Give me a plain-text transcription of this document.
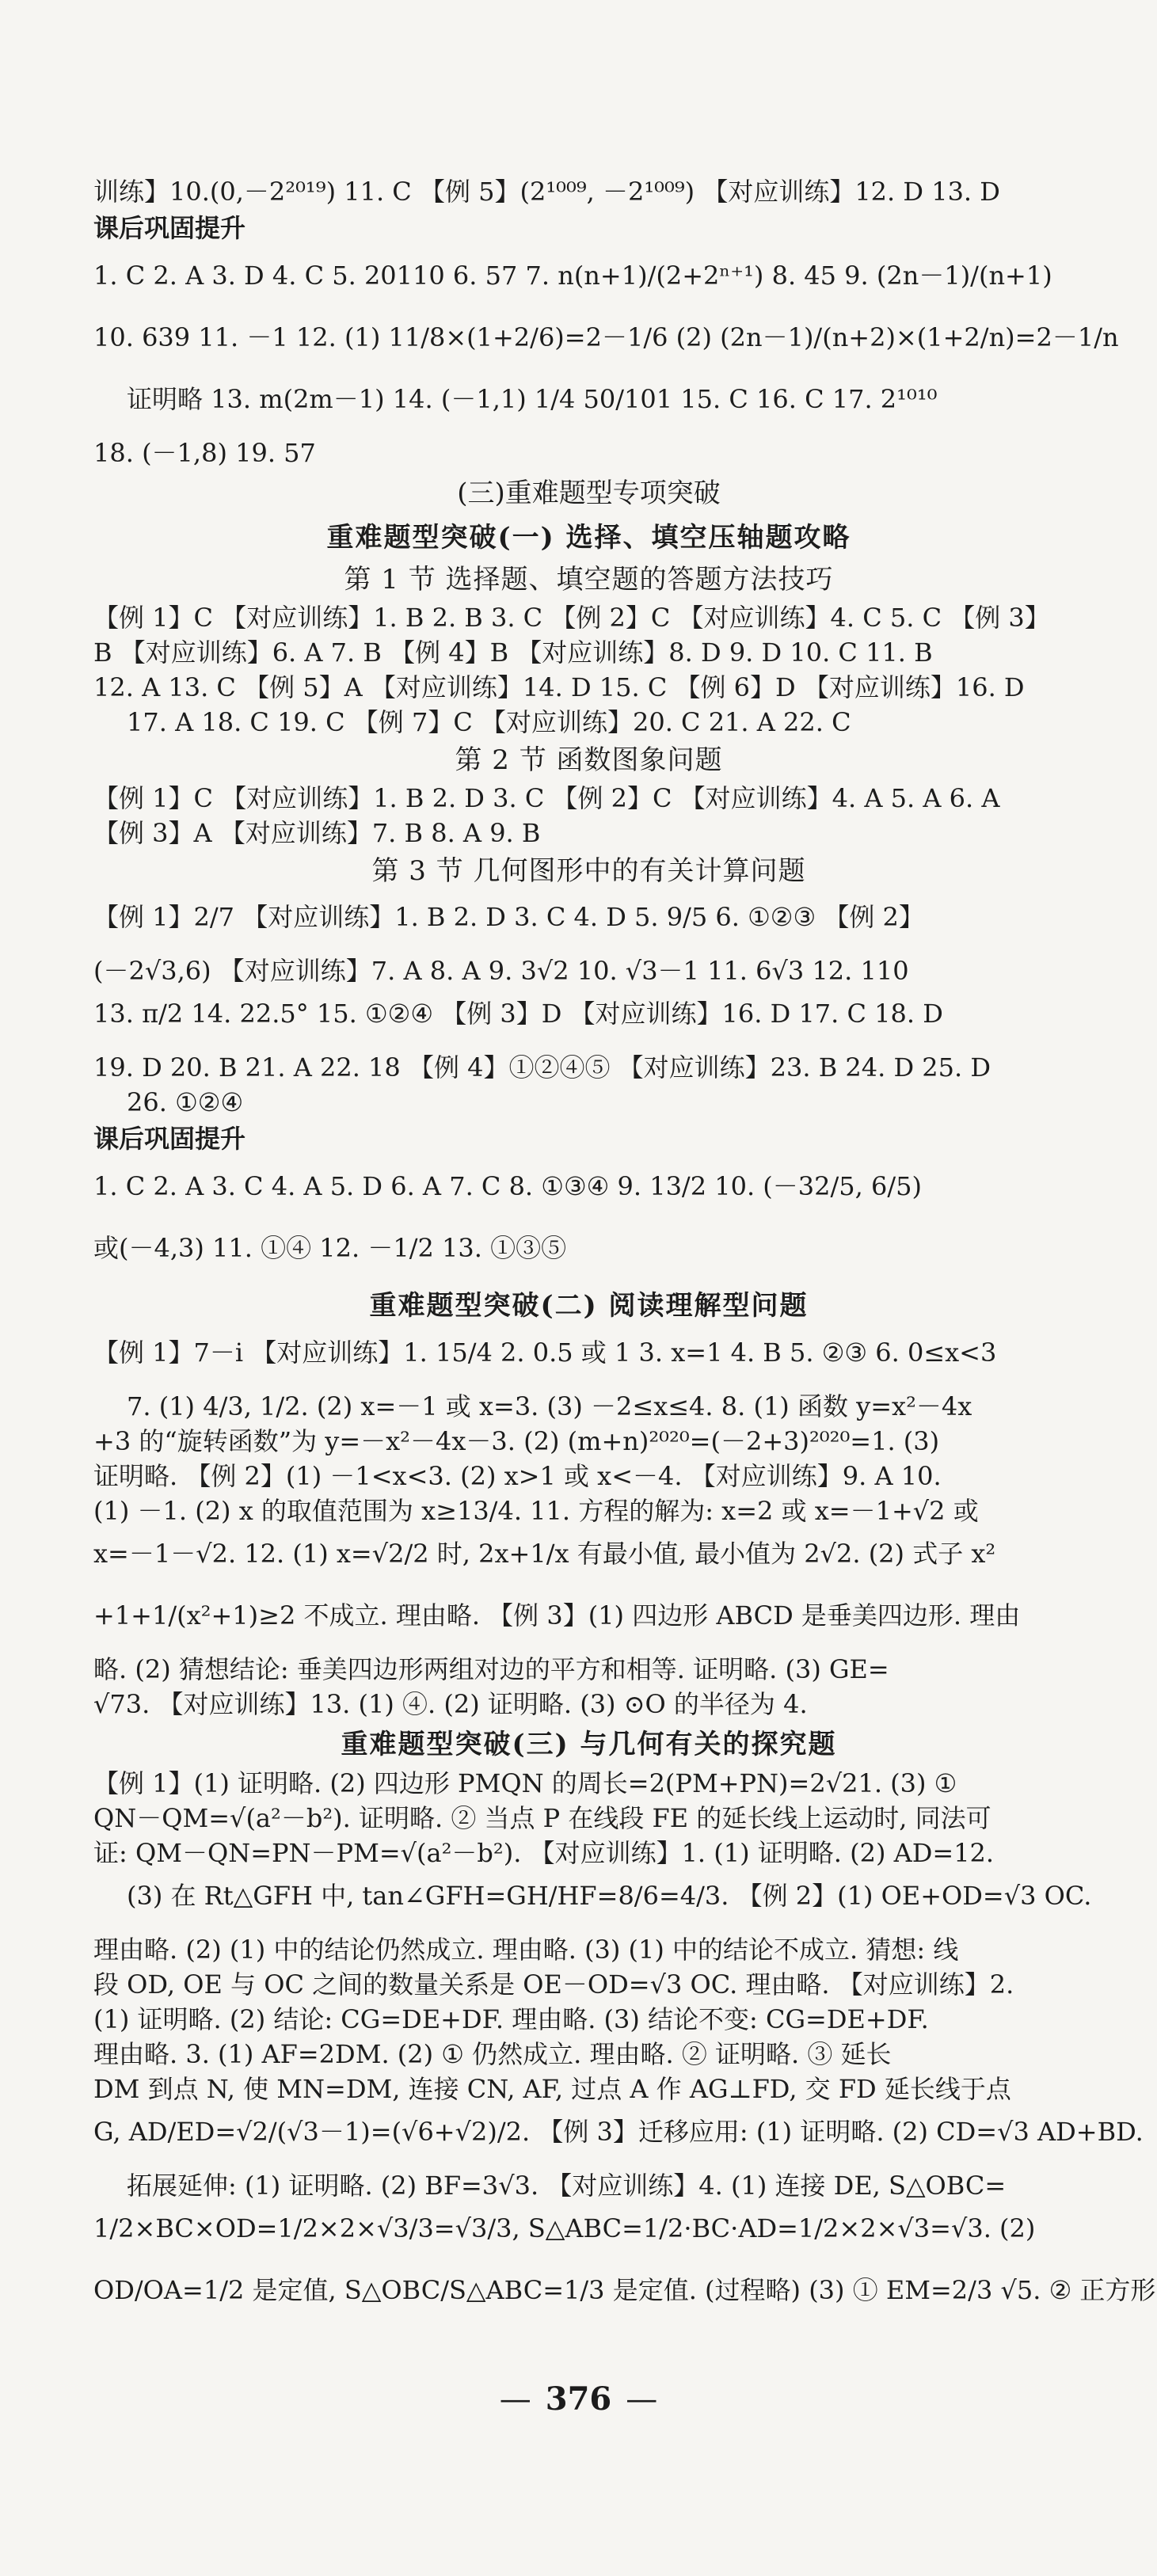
训练】10.(0,－2²⁰¹⁹) 11. C 【例 5】(2¹⁰⁰⁹, －2¹⁰⁰⁹) 【对应训练】12. D 13. D
课后巩固提升
1. C 2. A 3. D 4. C 5. 20110 6. 57 7. n(n+1)/(2+2ⁿ⁺¹) 8. 45 9. (2n－1)/(n+1)
10. 639 11. －1 12. (1) 11/8×(1+2/6)=2－1/6 (2) (2n－1)/(n+2)×(1+2/n)=2－1/n
证明略 13. m(2m－1) 14. (－1,1) 1/4 50/101 15. C 16. C 17. 2¹⁰¹⁰
18. (－1,8) 19. 57
(三)重难题型专项突破
重难题型突破(一) 选择、填空压轴题攻略
第 1 节 选择题、填空题的答题方法技巧
【例 1】C 【对应训练】1. B 2. B 3. C 【例 2】C 【对应训练】4. C 5. C 【例 3】
B 【对应训练】6. A 7. B 【例 4】B 【对应训练】8. D 9. D 10. C 11. B
12. A 13. C 【例 5】A 【对应训练】14. D 15. C 【例 6】D 【对应训练】16. D
17. A 18. C 19. C 【例 7】C 【对应训练】20. C 21. A 22. C
第 2 节 函数图象问题
【例 1】C 【对应训练】1. B 2. D 3. C 【例 2】C 【对应训练】4. A 5. A 6. A
【例 3】A 【对应训练】7. B 8. A 9. B
第 3 节 几何图形中的有关计算问题
【例 1】2/7 【对应训练】1. B 2. D 3. C 4. D 5. 9/5 6. ①②③ 【例 2】
(－2√3,6) 【对应训练】7. A 8. A 9. 3√2 10. √3－1 11. 6√3 12. 110
13. π/2 14. 22.5° 15. ①②④ 【例 3】D 【对应训练】16. D 17. C 18. D
19. D 20. B 21. A 22. 18 【例 4】①②④⑤ 【对应训练】23. B 24. D 25. D
26. ①②④
课后巩固提升
1. C 2. A 3. C 4. A 5. D 6. A 7. C 8. ①③④ 9. 13/2 10. (－32/5, 6/5)
或(－4,3) 11. ①④ 12. －1/2 13. ①③⑤
重难题型突破(二) 阅读理解型问题
【例 1】7－i 【对应训练】1. 15/4 2. 0.5 或 1 3. x=1 4. B 5. ②③ 6. 0≤x<3
7. (1) 4/3, 1/2. (2) x=－1 或 x=3. (3) －2≤x≤4. 8. (1) 函数 y=x²－4x
+3 的“旋转函数”为 y=－x²－4x－3. (2) (m+n)²⁰²⁰=(－2+3)²⁰²⁰=1. (3)
证明略. 【例 2】(1) －1<x<3. (2) x>1 或 x<－4. 【对应训练】9. A 10.
(1) －1. (2) x 的取值范围为 x≥13/4. 11. 方程的解为: x=2 或 x=－1+√2 或
x=－1－√2. 12. (1) x=√2/2 时, 2x+1/x 有最小值, 最小值为 2√2. (2) 式子 x²
+1+1/(x²+1)≥2 不成立. 理由略. 【例 3】(1) 四边形 ABCD 是垂美四边形. 理由
略. (2) 猜想结论: 垂美四边形两组对边的平方和相等. 证明略. (3) GE=
√73. 【对应训练】13. (1) ④. (2) 证明略. (3) ⊙O 的半径为 4.
重难题型突破(三) 与几何有关的探究题
【例 1】(1) 证明略. (2) 四边形 PMQN 的周长=2(PM+PN)=2√21. (3) ①
QN－QM=√(a²－b²). 证明略. ② 当点 P 在线段 FE 的延长线上运动时, 同法可
证: QM－QN=PN－PM=√(a²－b²). 【对应训练】1. (1) 证明略. (2) AD=12.
(3) 在 Rt△GFH 中, tan∠GFH=GH/HF=8/6=4/3. 【例 2】(1) OE+OD=√3 OC.
理由略. (2) (1) 中的结论仍然成立. 理由略. (3) (1) 中的结论不成立. 猜想: 线
段 OD, OE 与 OC 之间的数量关系是 OE－OD=√3 OC. 理由略. 【对应训练】2.
(1) 证明略. (2) 结论: CG=DE+DF. 理由略. (3) 结论不变: CG=DE+DF.
理由略. 3. (1) AF=2DM. (2) ① 仍然成立. 理由略. ② 证明略. ③ 延长
DM 到点 N, 使 MN=DM, 连接 CN, AF, 过点 A 作 AG⊥FD, 交 FD 延长线于点
G, AD/ED=√2/(√3－1)=(√6+√2)/2. 【例 3】迁移应用: (1) 证明略. (2) CD=√3 AD+BD.
拓展延伸: (1) 证明略. (2) BF=3√3. 【对应训练】4. (1) 连接 DE, S△OBC=
1/2×BC×OD=1/2×2×√3/3=√3/3, S△ABC=1/2·BC·AD=1/2×2×√3=√3. (2)
OD/OA=1/2 是定值, S△OBC/S△ABC=1/3 是定值. (过程略) (3) ① EM=2/3 √5. ② 正方形
— 376 —
